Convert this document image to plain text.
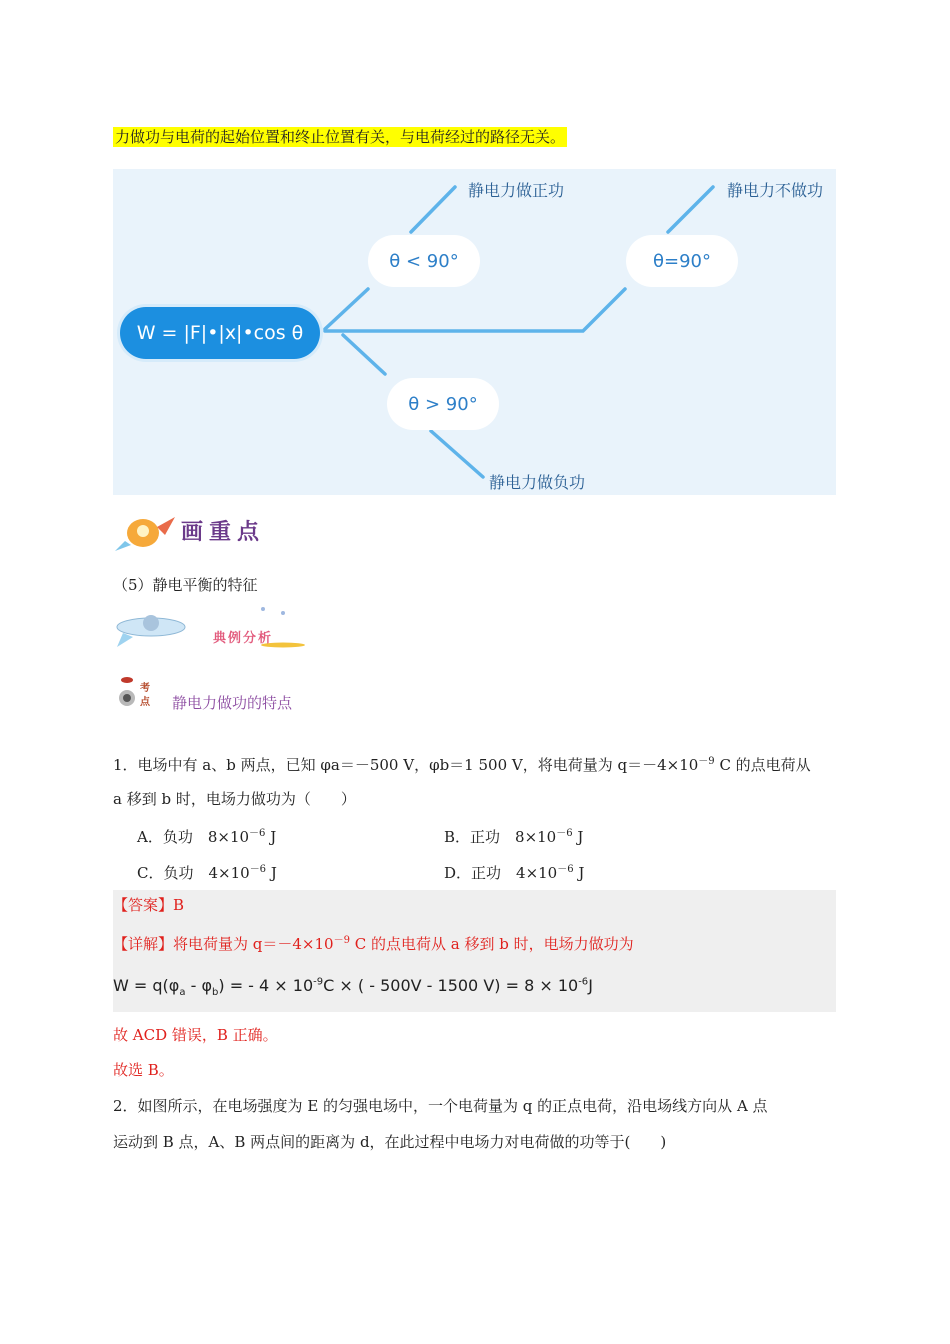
力做功与电荷的起始位置和终止位置有关，与电荷经过的路径无关。
W = |F|•|x|•cos θ
θ < 90°	θ=90°
θ > 90°
静电力做正功	静电力不做功
静电力做负功
画重点
（5）静电平衡的特征
典例分析
考点 静电力做功的特点
1．电场中有 a、b 两点，已知 φa＝－500 V，φb＝1 500 V，将电荷量为 $q=-4\times 10^{-9}$ C 的点电荷从
a 移到 b 时，电场力做功为（　　）
A．负功　$8\times 10^{-6}$ J	B．正功　$8\times 10^{-6}$ J
C．负功　$4\times 10^{-6}$ J	D．正功　$4\times 10^{-6}$ J
【答案】B
【详解】将电荷量为 $q=-4\times 10^{-9}$ C 的点电荷从 a 移到 b 时，电场力做功为
$W = q(\varphi_a - \varphi_b)$ = - $4 \times 10^{-9}C$ × ( - 500V - 1500 $V) = 8 \times 10^{-6}J$
故 ACD 错误，B 正确。
故选 B。
2．如图所示，在电场强度为 E 的匀强电场中，一个电荷量为 q 的正点电荷，沿电场线方向从 A 点
运动到 B 点，A、B 两点间的距离为 d，在此过程中电场力对电荷做的功等于(　　)
